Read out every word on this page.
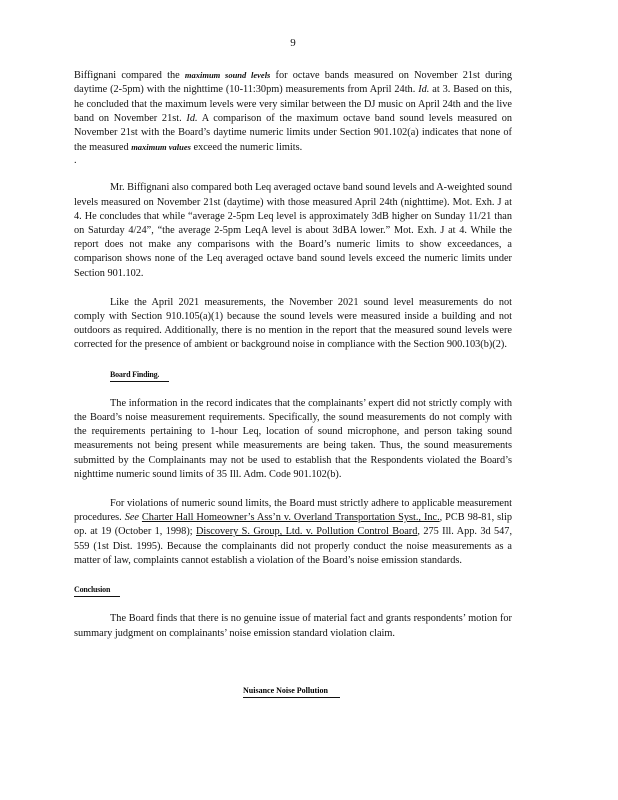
9

Biffignani compared the maximum sound levels for octave bands measured on November 21st during daytime (2-5pm) with the nighttime (10-11:30pm) measurements from April 24th. Id. at 3. Based on this, he concluded that the maximum levels were very similar between the DJ music on April 24th and the live band on November 21st. Id. A comparison of the maximum octave band sound levels measured on November 21st with the Board’s daytime numeric limits under Section 901.102(a) indicates that none of the measured maximum values exceed the numeric limits.

.

Mr. Biffignani also compared both Leq averaged octave band sound levels and A-weighted sound levels measured on November 21st (daytime) with those measured April 24th (nighttime). Mot. Exh. J at 4. He concludes that while “average 2-5pm Leq level is approximately 3dB higher on Sunday 11/21 than on Saturday 4/24”, “the average 2-5pm LeqA level is about 3dBA lower.” Mot. Exh. J at 4. While the report does not make any comparisons with the Board’s numeric limits to show exceedances, a comparison shows none of the Leq averaged octave band sound levels exceed the numeric limits under Section 901.102.

Like the April 2021 measurements, the November 2021 sound level measurements do not comply with Section 910.105(a)(1) because the sound levels were measured inside a building and not outdoors as required. Additionally, there is no mention in the report that the measured sound levels were corrected for the presence of ambient or background noise in compliance with the Section 900.103(b)(2).

Board Finding.

The information in the record indicates that the complainants’ expert did not strictly comply with the Board’s noise measurement requirements. Specifically, the sound measurements do not comply with the requirements pertaining to 1-hour Leq, location of sound microphone, and person taking sound measurements not being present while measurements are being taken. Thus, the sound measurements submitted by the Complainants may not be used to establish that the Respondents violated the Board’s nighttime numeric sound limits of 35 Ill. Adm. Code 901.102(b).

For violations of numeric sound limits, the Board must strictly adhere to applicable measurement procedures. See Charter Hall Homeowner’s Ass’n v. Overland Transportation Syst., Inc., PCB 98-81, slip op. at 19 (October 1, 1998); Discovery S. Group, Ltd. v. Pollution Control Board, 275 Ill. App. 3d 547, 559 (1st Dist. 1995). Because the complainants did not properly conduct the noise measurements as a matter of law, complaints cannot establish a violation of the Board’s noise emission standards.

Conclusion

The Board finds that there is no genuine issue of material fact and grants respondents’ motion for summary judgment on complainants’ noise emission standard violation claim.

Nuisance Noise Pollution
